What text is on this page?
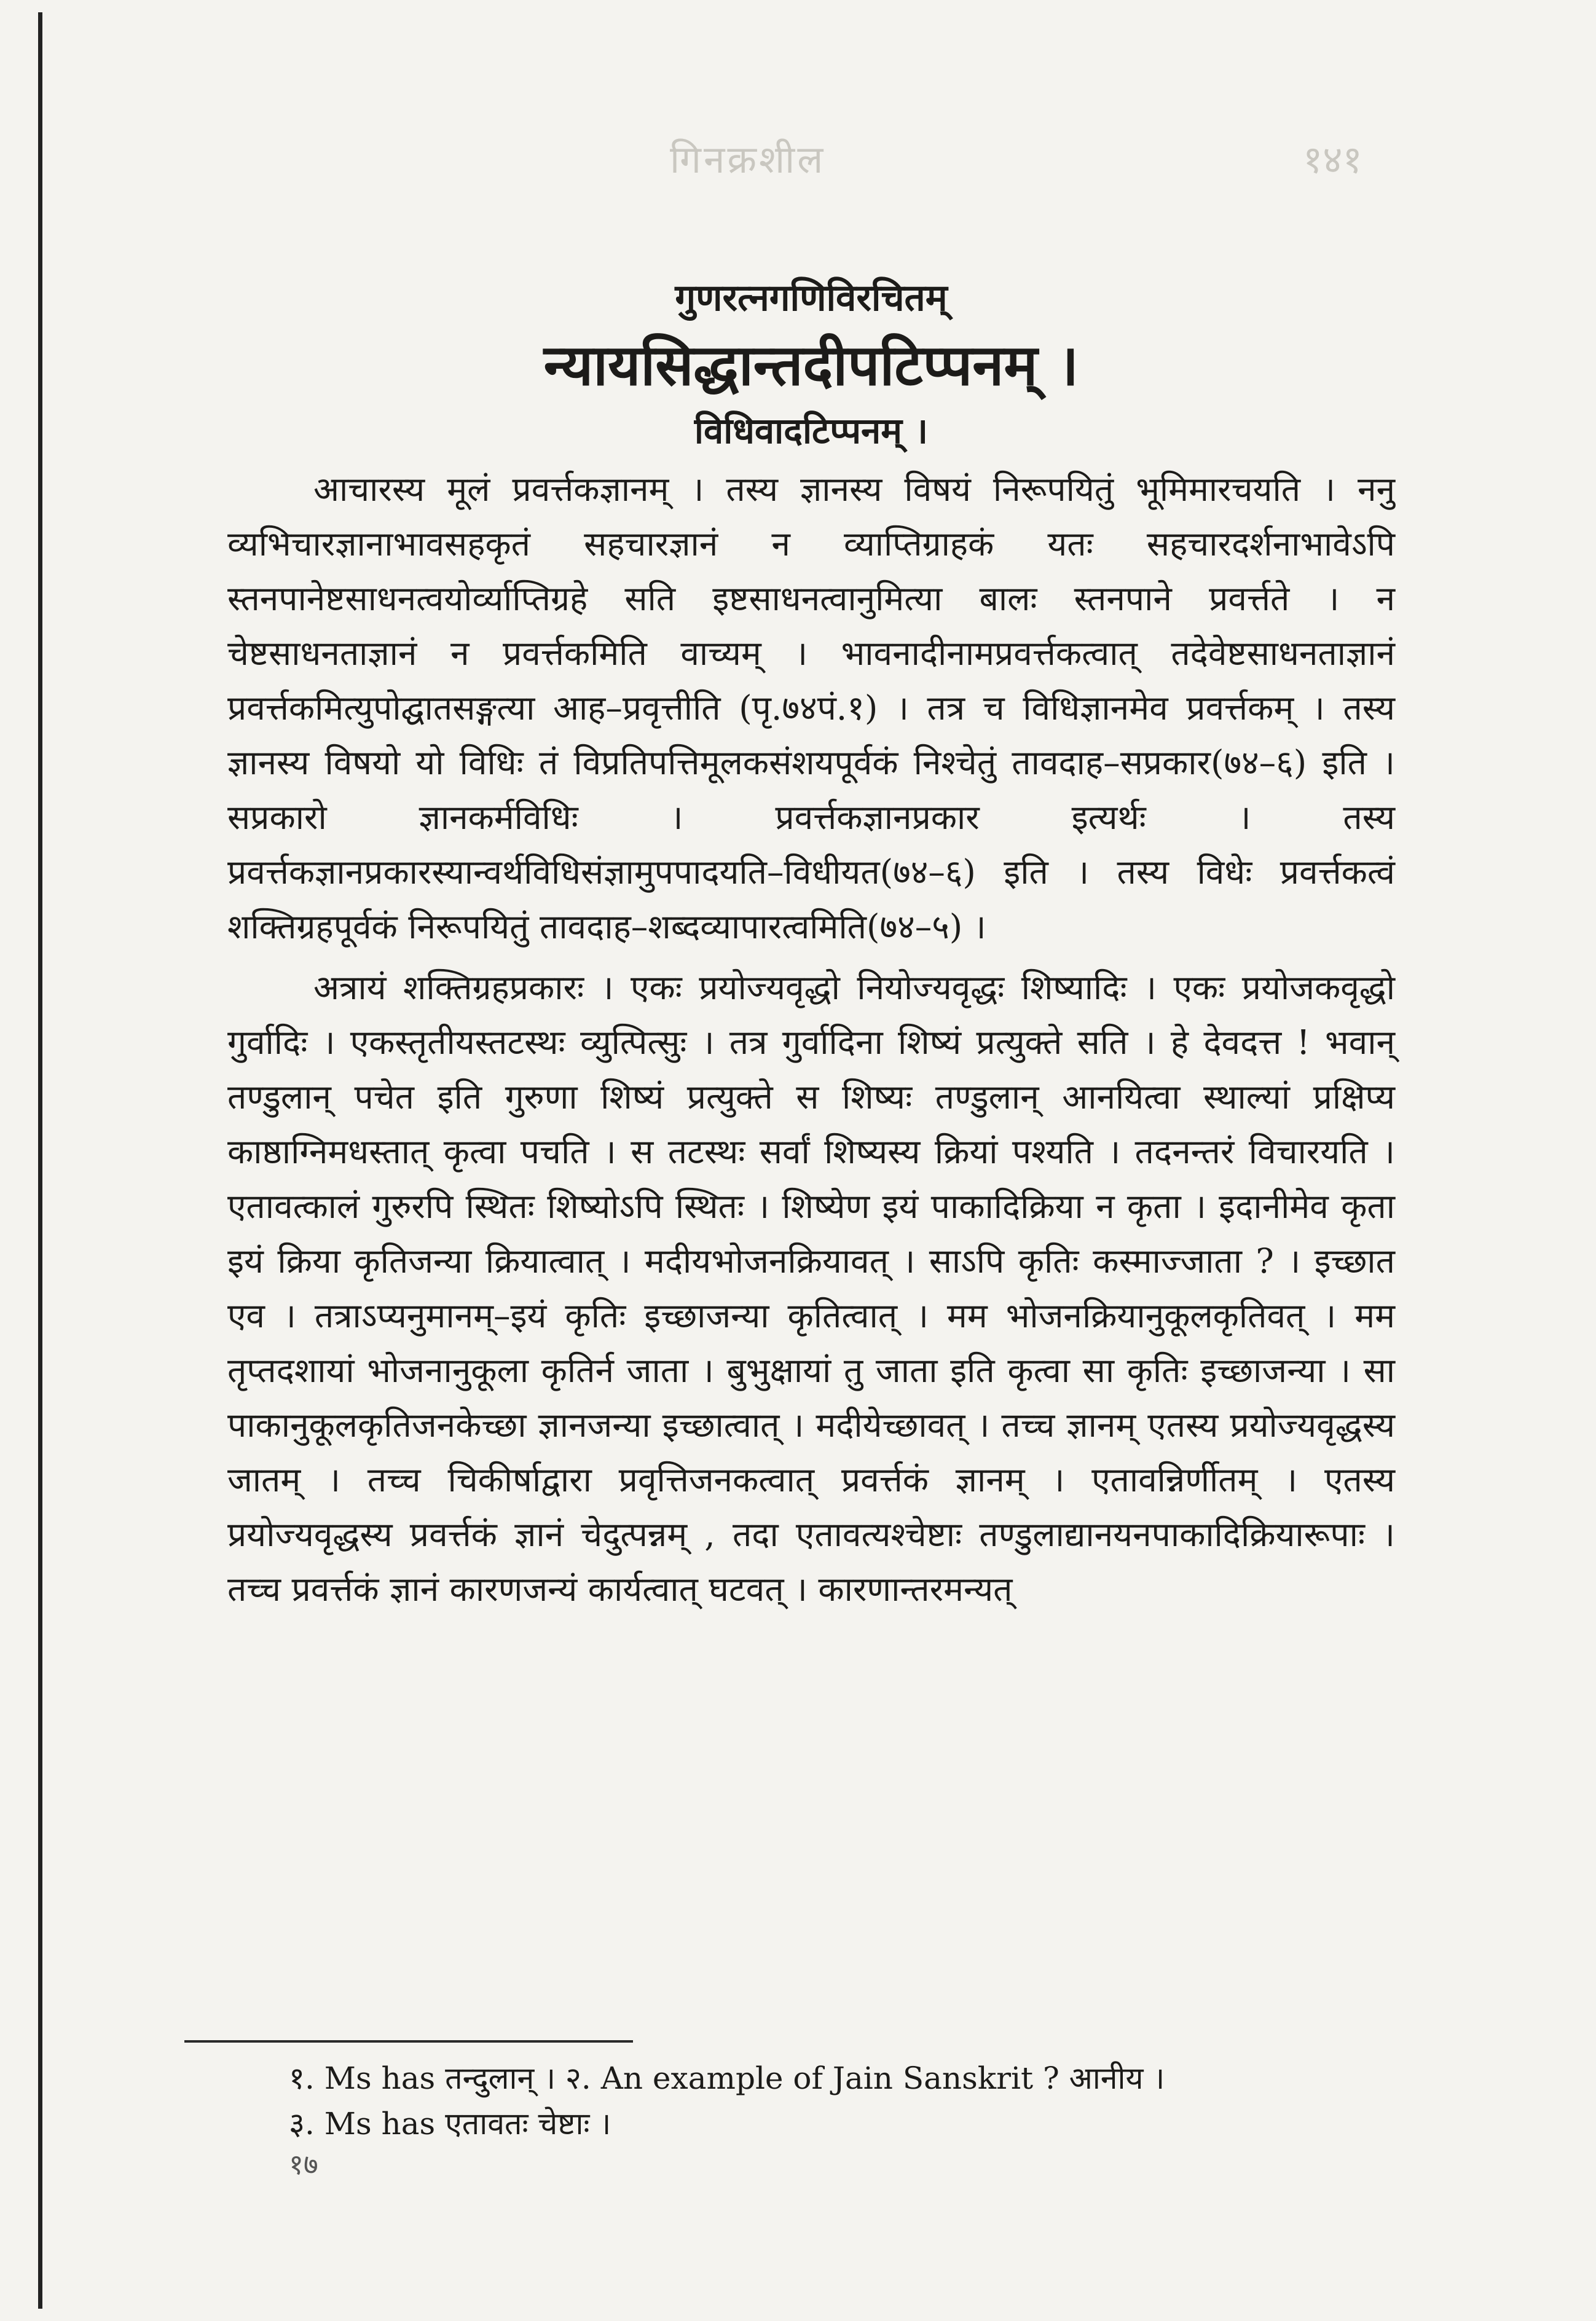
गिनक्रशील	१४१
गुणरत्नगणिविरचितम्
न्यायसिद्धान्तदीपटिप्पनम् ।
विधिवादटिप्पनम् ।

आचारस्य मूलं प्रवर्त्तकज्ञानम् । तस्य ज्ञानस्य विषयं निरूपयितुं भूमिमारचयति । ननु व्यभिचारज्ञानाभावसहकृतं सहचारज्ञानं न व्याप्तिग्राहकं यतः सहचारदर्शनाभावेऽपि स्तनपानेष्टसाधनत्वयोर्व्याप्तिग्रहे सति इष्टसाधनत्वानुमित्या बालः स्तनपाने प्रवर्त्तते । न चेष्टसाधनताज्ञानं न प्रवर्त्तकमिति वाच्यम् । भावनादीनामप्रवर्त्तकत्वात् तदेवेष्टसाधनताज्ञानं प्रवर्त्तकमित्युपोद्घातसङ्गत्या आह–प्रवृत्तीति (पृ.७४पं.१) । तत्र च विधिज्ञानमेव प्रवर्त्तकम् । तस्य ज्ञानस्य विषयो यो विधिः तं विप्रतिपत्तिमूलकसंशयपूर्वकं निश्चेतुं तावदाह–सप्रकार(७४–६) इति । सप्रकारो ज्ञानकर्मविधिः । प्रवर्त्तकज्ञानप्रकार इत्यर्थः । तस्य प्रवर्त्तकज्ञानप्रकारस्यान्वर्थविधिसंज्ञामुपपादयति–विधीयत(७४–६) इति । तस्य विधेः प्रवर्त्तकत्वं शक्तिग्रहपूर्वकं निरूपयितुं तावदाह–शब्दव्यापारत्वमिति(७४–५) ।

अत्रायं शक्तिग्रहप्रकारः । एकः प्रयोज्यवृद्धो नियोज्यवृद्धः शिष्यादिः । एकः प्रयोजकवृद्धो गुर्वादिः । एकस्तृतीयस्तटस्थः व्युत्पित्सुः । तत्र गुर्वादिना शिष्यं प्रत्युक्ते सति । हे देवदत्त ! भवान् तण्डुलान् पचेत इति गुरुणा शिष्यं प्रत्युक्ते स शिष्यः तण्डुलान् आनयित्वा स्थाल्यां प्रक्षिप्य काष्ठाग्निमधस्तात् कृत्वा पचति । स तटस्थः सर्वां शिष्यस्य क्रियां पश्यति । तदनन्तरं विचारयति । एतावत्कालं गुरुरपि स्थितः शिष्योऽपि स्थितः । शिष्येण इयं पाकादिक्रिया न कृता । इदानीमेव कृता इयं क्रिया कृतिजन्या क्रियात्वात् । मदीयभोजनक्रियावत् । साऽपि कृतिः कस्माज्जाता ? । इच्छात एव । तत्राऽप्यनुमानम्–इयं कृतिः इच्छाजन्या कृतित्वात् । मम भोजनक्रियानुकूलकृतिवत् । मम तृप्तदशायां भोजनानुकूला कृतिर्न जाता । बुभुक्षायां तु जाता इति कृत्वा सा कृतिः इच्छाजन्या । सा पाकानुकूलकृतिजनकेच्छा ज्ञानजन्या इच्छात्वात् । मदीयेच्छावत् । तच्च ज्ञानम् एतस्य प्रयोज्यवृद्धस्य जातम् । तच्च चिकीर्षाद्वारा प्रवृत्तिजनकत्वात् प्रवर्त्तकं ज्ञानम् । एतावन्निर्णीतम् । एतस्य प्रयोज्यवृद्धस्य प्रवर्त्तकं ज्ञानं चेदुत्पन्नम् , तदा एतावत्यश्चेष्टाः तण्डुलाद्यानयनपाकादिक्रियारूपाः । तच्च प्रवर्त्तकं ज्ञानं कारणजन्यं कार्यत्वात् घटवत् । कारणान्तरमन्यत्

१. Ms has तन्दुलान् । २. An example of Jain Sanskrit ? आनीय ।
३. Ms has एतावतः चेष्टाः ।
१७
